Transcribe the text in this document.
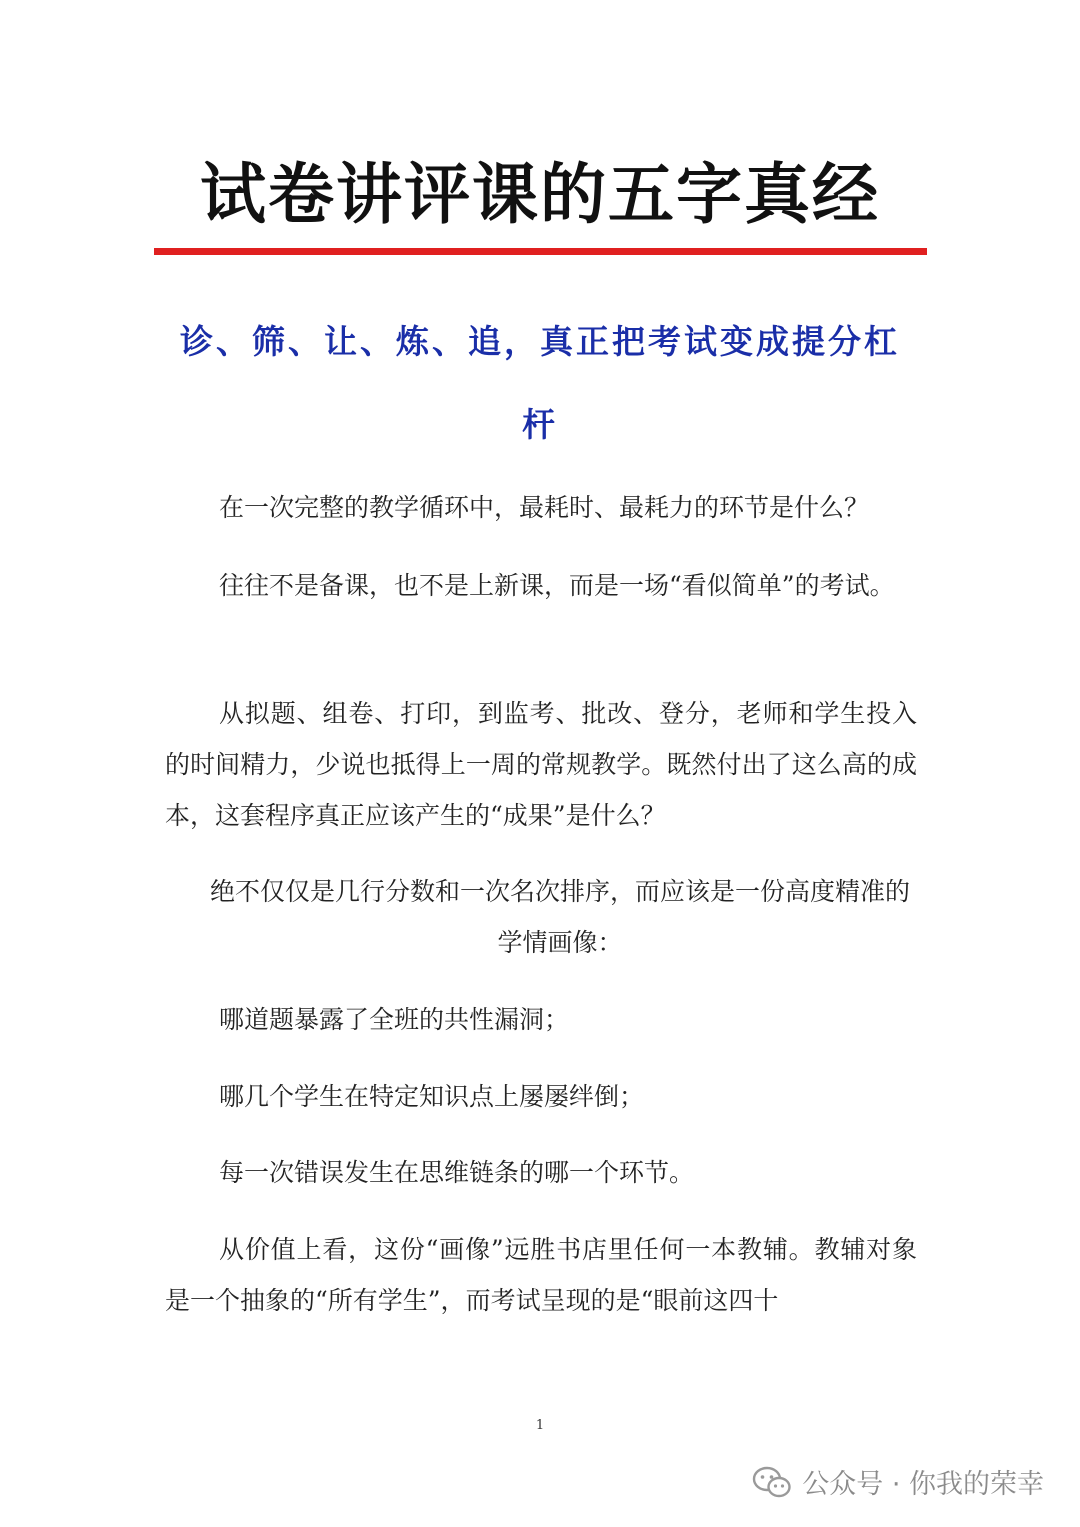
试卷讲评课的五字真经
诊、筛、让、炼、追，真正把考试变成提分杠杆

在一次完整的教学循环中，最耗时、最耗力的环节是什么？

往往不是备课，也不是上新课，而是一场“看似简单”的考试。

从拟题、组卷、打印，到监考、批改、登分，老师和学生投入的时间精力，少说也抵得上一周的常规教学。既然付出了这么高的成本，这套程序真正应该产生的“成果”是什么？

绝不仅仅是几行分数和一次名次排序，而应该是一份高度精准的学情画像：

哪道题暴露了全班的共性漏洞；

哪几个学生在特定知识点上屡屡绊倒；

每一次错误发生在思维链条的哪一个环节。

从价值上看，这份“画像”远胜书店里任何一本教辅。教辅对象是一个抽象的“所有学生”，而考试呈现的是“眼前这四十

1
公众号 · 你我的荣幸
